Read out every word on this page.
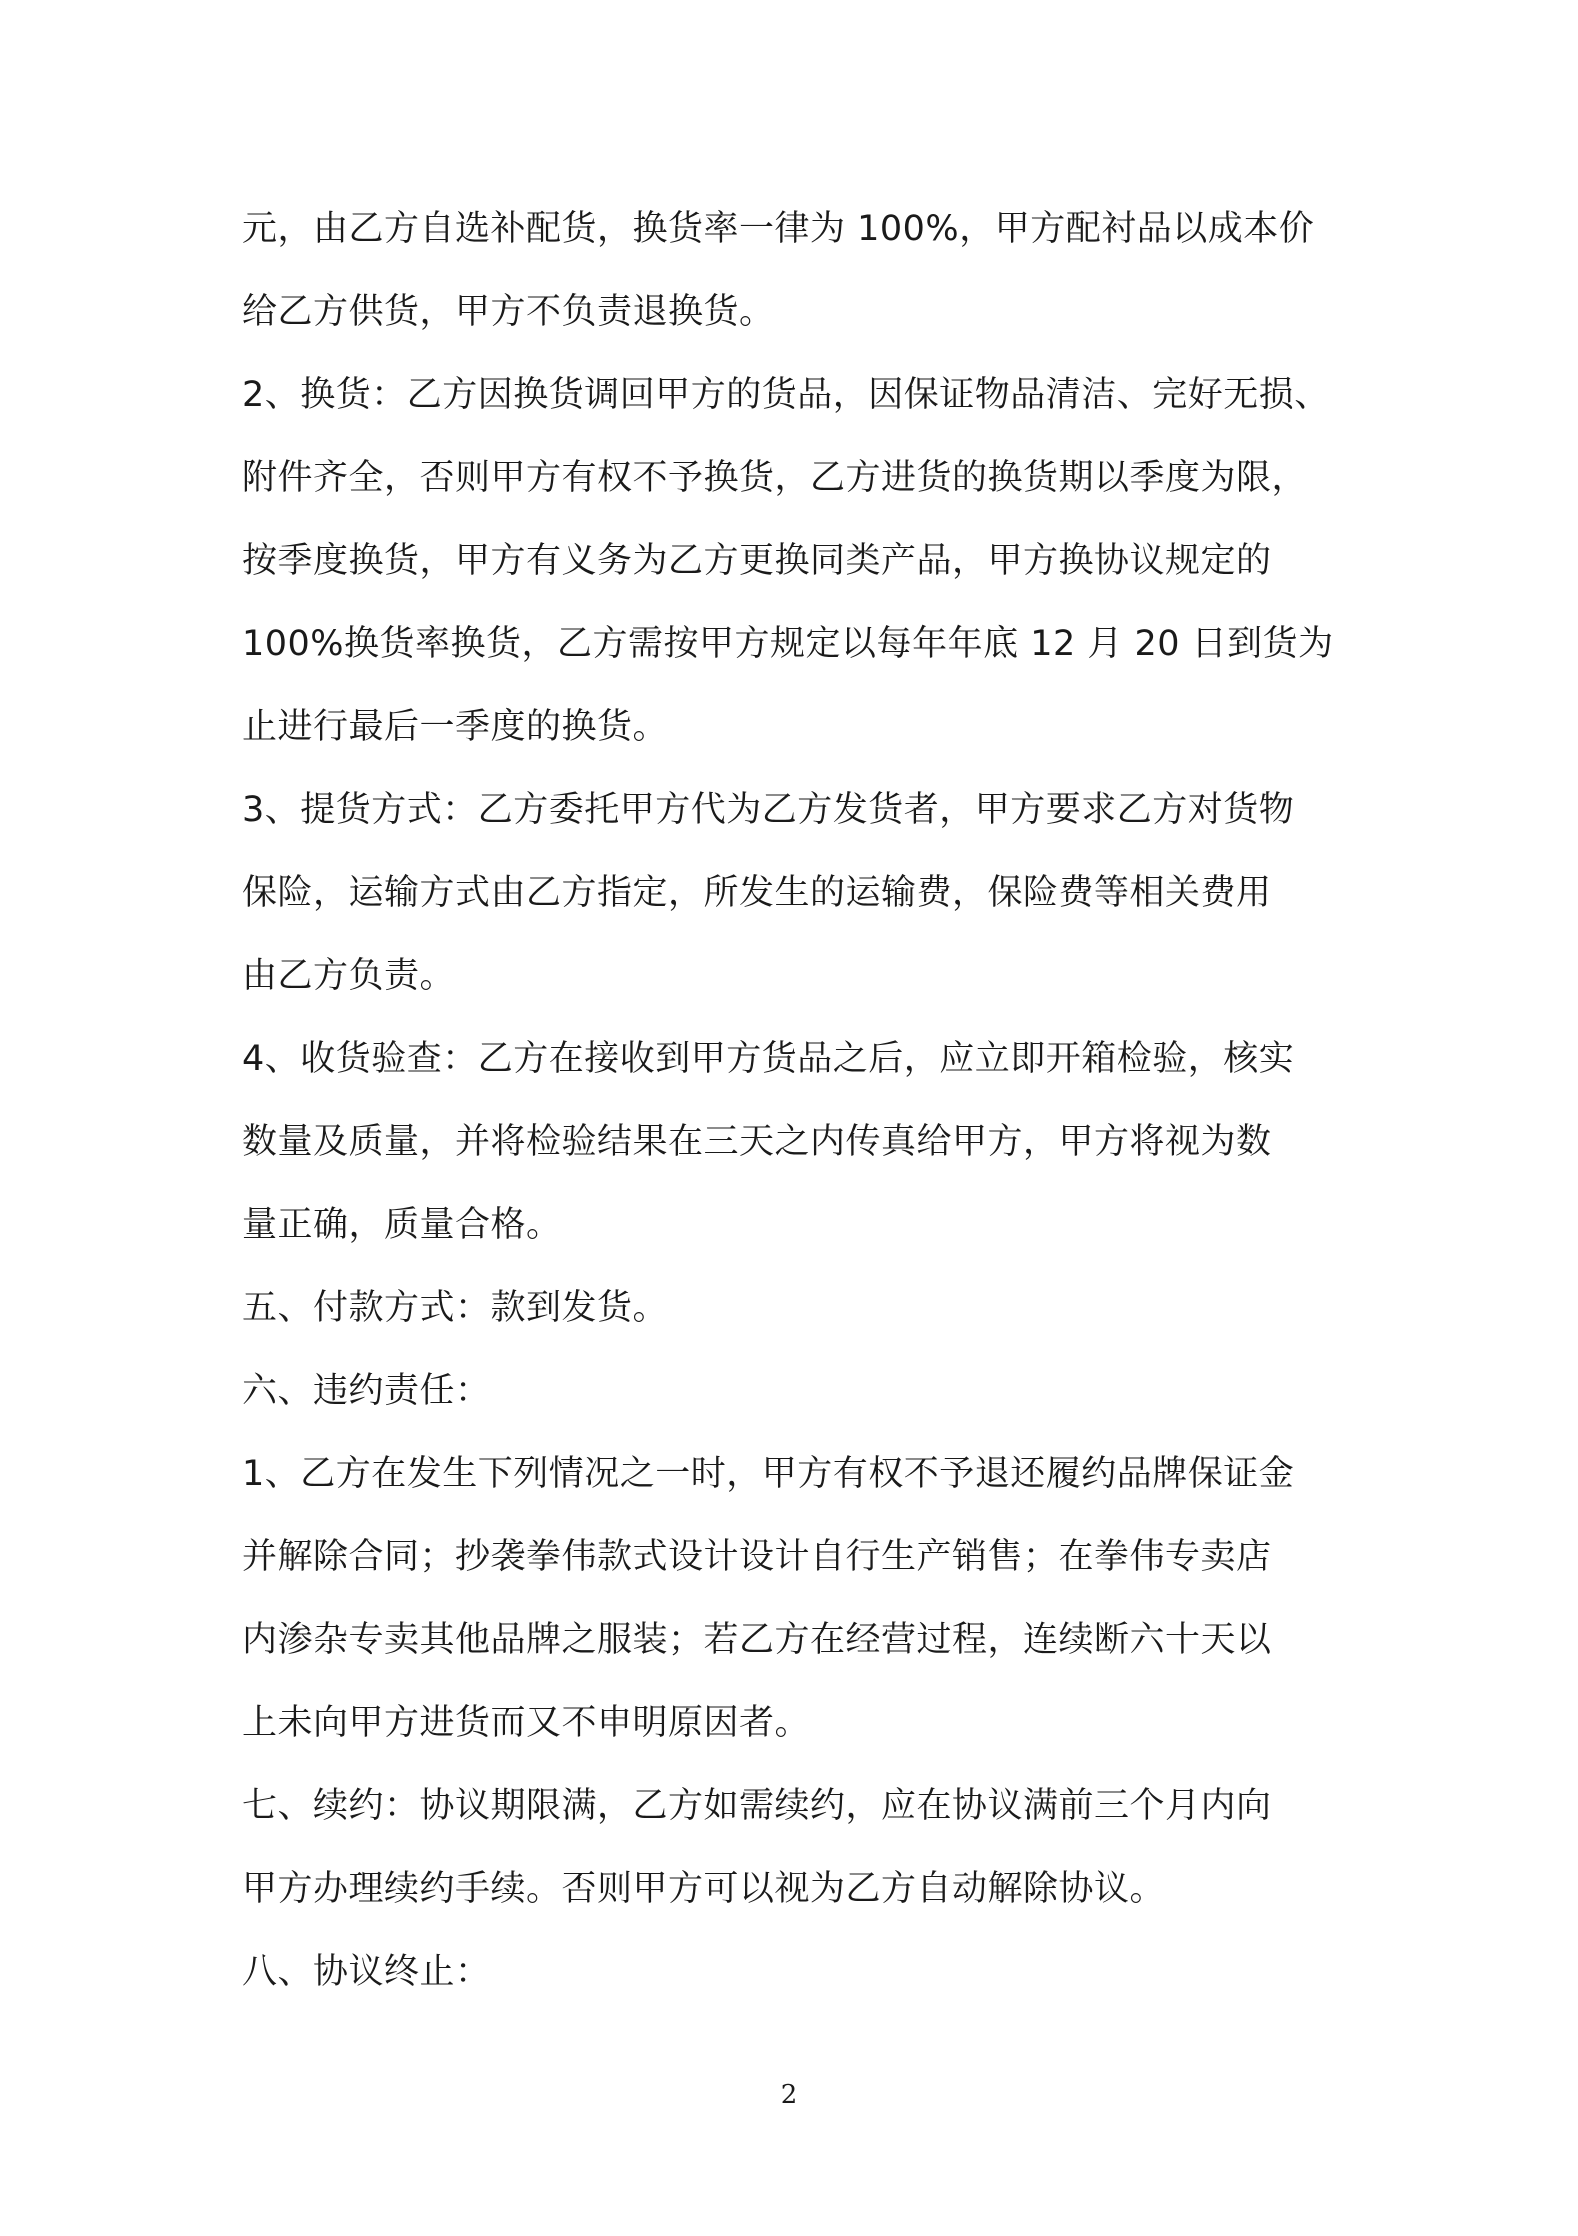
元，由乙方自选补配货，换货率一律为 100%，甲方配衬品以成本价

给乙方供货，甲方不负责退换货。

2、换货：乙方因换货调回甲方的货品，因保证物品清洁、完好无损、

附件齐全，否则甲方有权不予换货，乙方进货的换货期以季度为限，

按季度换货，甲方有义务为乙方更换同类产品，甲方换协议规定的

100%换货率换货，乙方需按甲方规定以每年年底 12 月 20 日到货为

止进行最后一季度的换货。

3、提货方式：乙方委托甲方代为乙方发货者，甲方要求乙方对货物

保险，运输方式由乙方指定，所发生的运输费，保险费等相关费用

由乙方负责。

4、收货验查：乙方在接收到甲方货品之后，应立即开箱检验，核实

数量及质量，并将检验结果在三天之内传真给甲方，甲方将视为数

量正确，质量合格。

五、付款方式：款到发货。

六、违约责任：

1、乙方在发生下列情况之一时，甲方有权不予退还履约品牌保证金

并解除合同；抄袭拳伟款式设计设计自行生产销售；在拳伟专卖店

内渗杂专卖其他品牌之服装；若乙方在经营过程，连续断六十天以

上未向甲方进货而又不申明原因者。

七、续约：协议期限满，乙方如需续约，应在协议满前三个月内向

甲方办理续约手续。否则甲方可以视为乙方自动解除协议。

八、协议终止：

2
